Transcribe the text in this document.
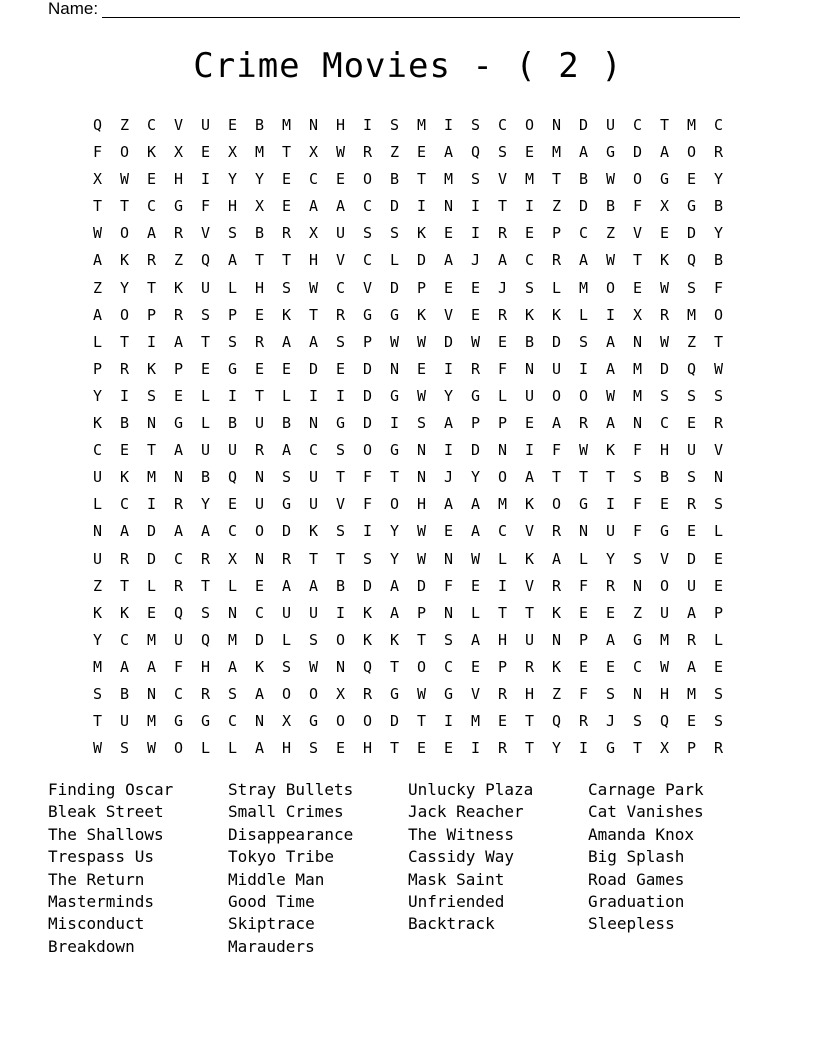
Name:
Crime Movies - ( 2 )
Q	Z	C	V	U	E	B	M	N	H	I	S	M	I	S	C	O	N	D	U	C	T	M	C
F	O	K	X	E	X	M	T	X	W	R	Z	E	A	Q	S	E	M	A	G	D	A	O	R
X	W	E	H	I	Y	Y	E	C	E	O	B	T	M	S	V	M	T	B	W	O	G	E	Y
T	T	C	G	F	H	X	E	A	A	C	D	I	N	I	T	I	Z	D	B	F	X	G	B
W	O	A	R	V	S	B	R	X	U	S	S	K	E	I	R	E	P	C	Z	V	E	D	Y
A	K	R	Z	Q	A	T	T	H	V	C	L	D	A	J	A	C	R	A	W	T	K	Q	B
Z	Y	T	K	U	L	H	S	W	C	V	D	P	E	E	J	S	L	M	O	E	W	S	F
A	O	P	R	S	P	E	K	T	R	G	G	K	V	E	R	K	K	L	I	X	R	M	O
L	T	I	A	T	S	R	A	A	S	P	W	W	D	W	E	B	D	S	A	N	W	Z	T
P	R	K	P	E	G	E	E	D	E	D	N	E	I	R	F	N	U	I	A	M	D	Q	W
Y	I	S	E	L	I	T	L	I	I	D	G	W	Y	G	L	U	O	O	W	M	S	S	S
K	B	N	G	L	B	U	B	N	G	D	I	S	A	P	P	E	A	R	A	N	C	E	R
C	E	T	A	U	U	R	A	C	S	O	G	N	I	D	N	I	F	W	K	F	H	U	V
U	K	M	N	B	Q	N	S	U	T	F	T	N	J	Y	O	A	T	T	T	S	B	S	N
L	C	I	R	Y	E	U	G	U	V	F	O	H	A	A	M	K	O	G	I	F	E	R	S
N	A	D	A	A	C	O	D	K	S	I	Y	W	E	A	C	V	R	N	U	F	G	E	L
U	R	D	C	R	X	N	R	T	T	S	Y	W	N	W	L	K	A	L	Y	S	V	D	E
Z	T	L	R	T	L	E	A	A	B	D	A	D	F	E	I	V	R	F	R	N	O	U	E
K	K	E	Q	S	N	C	U	U	I	K	A	P	N	L	T	T	K	E	E	Z	U	A	P
Y	C	M	U	Q	M	D	L	S	O	K	K	T	S	A	H	U	N	P	A	G	M	R	L
M	A	A	F	H	A	K	S	W	N	Q	T	O	C	E	P	R	K	E	E	C	W	A	E
S	B	N	C	R	S	A	O	O	X	R	G	W	G	V	R	H	Z	F	S	N	H	M	S
T	U	M	G	G	C	N	X	G	O	O	D	T	I	M	E	T	Q	R	J	S	Q	E	S
W	S	W	O	L	L	A	H	S	E	H	T	E	E	I	R	T	Y	I	G	T	X	P	R
Finding Oscar	Stray Bullets	Unlucky Plaza	Carnage Park
Bleak Street	Small Crimes	Jack Reacher	Cat Vanishes
The Shallows	Disappearance	The Witness	Amanda Knox
Trespass Us	Tokyo Tribe	Cassidy Way	Big Splash
The Return	Middle Man	Mask Saint	Road Games
Masterminds	Good Time	Unfriended	Graduation
Misconduct	Skiptrace	Backtrack	Sleepless
Breakdown	Marauders
